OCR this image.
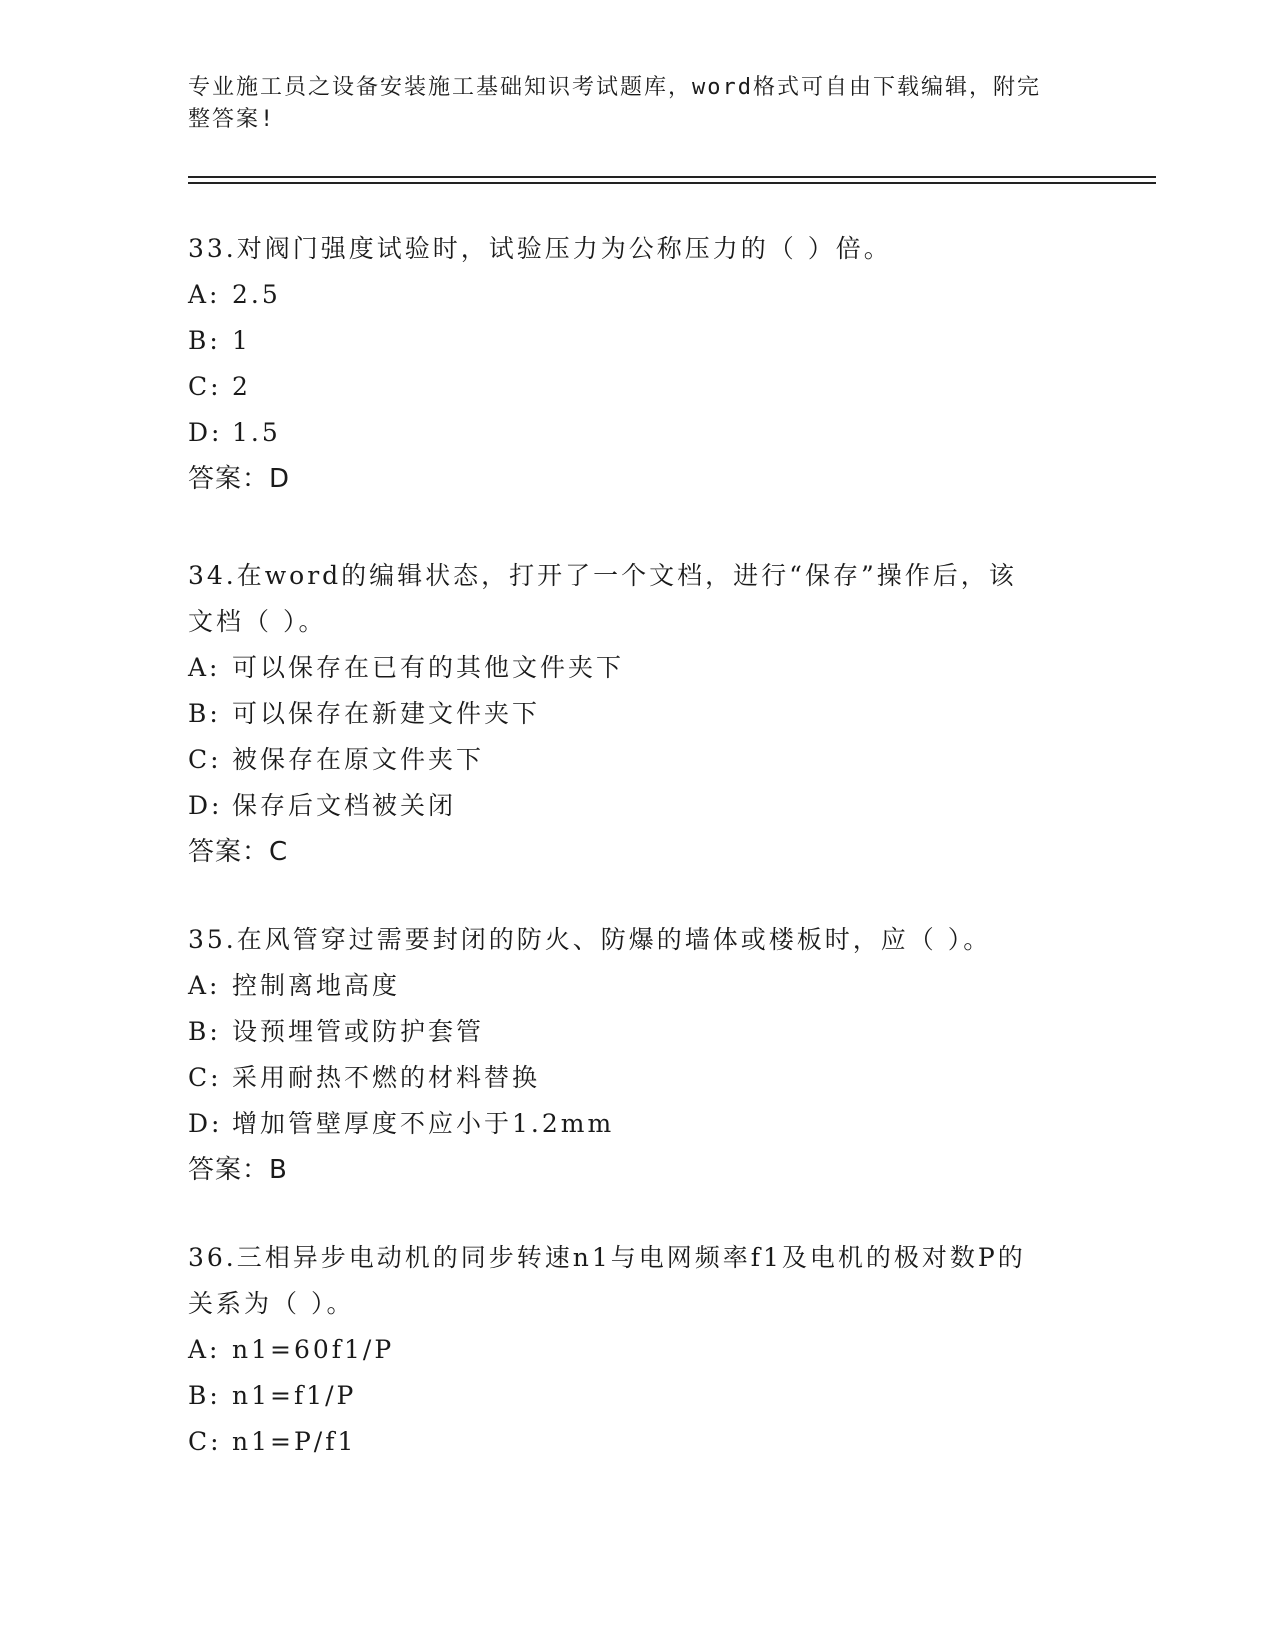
专业施工员之设备安装施工基础知识考试题库，word格式可自由下载编辑，附完
整答案!
33.对阀门强度试验时，试验压力为公称压力的（ ）倍。
A: 2.5
B: 1
C: 2
D: 1.5
答案：D
34.在word的编辑状态，打开了一个文档，进行“保存”操作后，该
文档（ ）。
A: 可以保存在已有的其他文件夹下
B: 可以保存在新建文件夹下
C: 被保存在原文件夹下
D: 保存后文档被关闭
答案：C
35.在风管穿过需要封闭的防火、防爆的墙体或楼板时，应（ ）。
A: 控制离地高度
B: 设预埋管或防护套管
C: 采用耐热不燃的材料替换
D: 增加管壁厚度不应小于1.2mm
答案：B
36.三相异步电动机的同步转速n1与电网频率f1及电机的极对数P的
关系为（ ）。
A: n1=60f1/P
B: n1=f1/P
C: n1=P/f1
